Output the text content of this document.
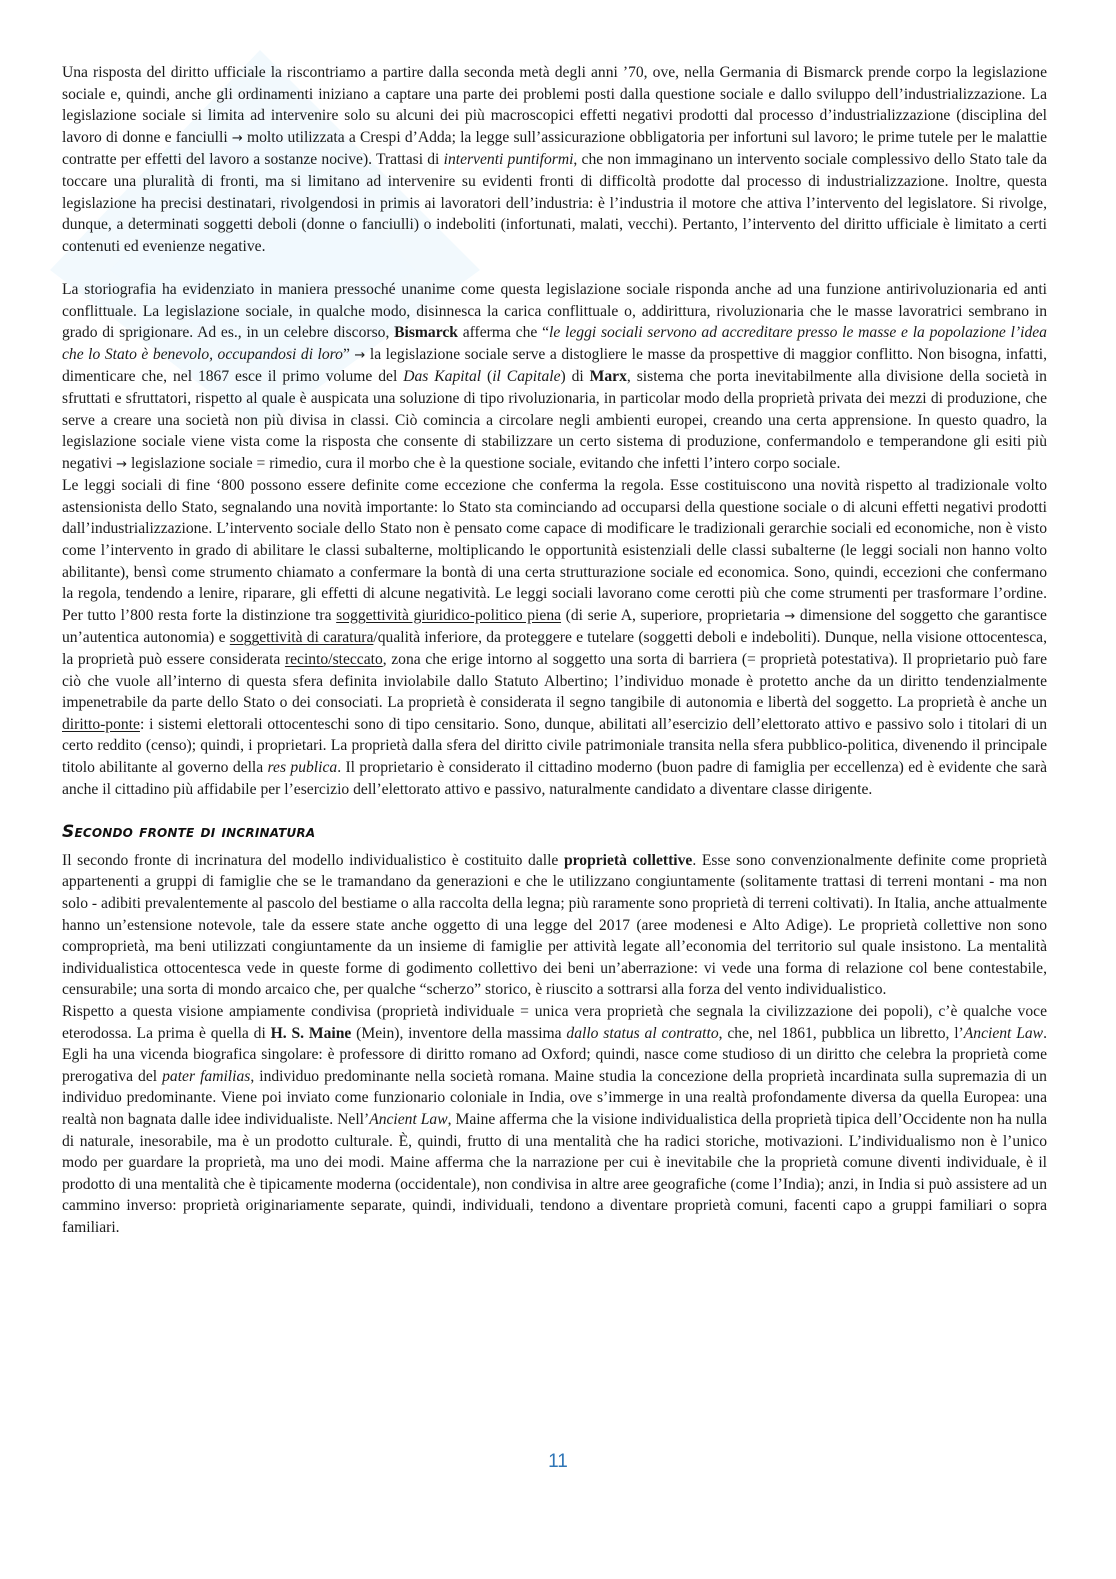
Una risposta del diritto ufficiale la riscontriamo a partire dalla seconda metà degli anni ’70, ove, nella Germania di Bismarck prende corpo la legislazione sociale e, quindi, anche gli ordinamenti iniziano a captare una parte dei problemi posti dalla questione sociale e dallo sviluppo dell’industrializzazione. La legislazione sociale si limita ad intervenire solo su alcuni dei più macroscopici effetti negativi prodotti dal processo d’industrializzazione (disciplina del lavoro di donne e fanciulli → molto utilizzata a Crespi d’Adda; la legge sull’assicurazione obbligatoria per infortuni sul lavoro; le prime tutele per le malattie contratte per effetti del lavoro a sostanze nocive). Trattasi di interventi puntiformi, che non immaginano un intervento sociale complessivo dello Stato tale da toccare una pluralità di fronti, ma si limitano ad intervenire su evidenti fronti di difficoltà prodotte dal processo di industrializzazione. Inoltre, questa legislazione ha precisi destinatari, rivolgendosi in primis ai lavoratori dell’industria: è l’industria il motore che attiva l’intervento del legislatore. Si rivolge, dunque, a determinati soggetti deboli (donne o fanciulli) o indeboliti (infortunati, malati, vecchi). Pertanto, l’intervento del diritto ufficiale è limitato a certi contenuti ed evenienze negative.

La storiografia ha evidenziato in maniera pressoché unanime come questa legislazione sociale risponda anche ad una funzione antirivoluzionaria ed anti conflittuale. La legislazione sociale, in qualche modo, disinnesca la carica conflittuale o, addirittura, rivoluzionaria che le masse lavoratrici sembrano in grado di sprigionare. Ad es., in un celebre discorso, Bismarck afferma che “le leggi sociali servono ad accreditare presso le masse e la popolazione l’idea che lo Stato è benevolo, occupandosi di loro” → la legislazione sociale serve a distogliere le masse da prospettive di maggior conflitto. Non bisogna, infatti, dimenticare che, nel 1867 esce il primo volume del Das Kapital (il Capitale) di Marx, sistema che porta inevitabilmente alla divisione della società in sfruttati e sfruttatori, rispetto al quale è auspicata una soluzione di tipo rivoluzionaria, in particolar modo della proprietà privata dei mezzi di produzione, che serve a creare una società non più divisa in classi. Ciò comincia a circolare negli ambienti europei, creando una certa apprensione. In questo quadro, la legislazione sociale viene vista come la risposta che consente di stabilizzare un certo sistema di produzione, confermandolo e temperandone gli esiti più negativi → legislazione sociale = rimedio, cura il morbo che è la questione sociale, evitando che infetti l’intero corpo sociale.

Le leggi sociali di fine ‘800 possono essere definite come eccezione che conferma la regola. Esse costituiscono una novità rispetto al tradizionale volto astensionista dello Stato, segnalando una novità importante: lo Stato sta cominciando ad occuparsi della questione sociale o di alcuni effetti negativi prodotti dall’industrializzazione. L’intervento sociale dello Stato non è pensato come capace di modificare le tradizionali gerarchie sociali ed economiche, non è visto come l’intervento in grado di abilitare le classi subalterne, moltiplicando le opportunità esistenziali delle classi subalterne (le leggi sociali non hanno volto abilitante), bensì come strumento chiamato a confermare la bontà di una certa strutturazione sociale ed economica. Sono, quindi, eccezioni che confermano la regola, tendendo a lenire, riparare, gli effetti di alcune negatività. Le leggi sociali lavorano come cerotti più che come strumenti per trasformare l’ordine. Per tutto l’800 resta forte la distinzione tra soggettività giuridico-politico piena (di serie A, superiore, proprietaria → dimensione del soggetto che garantisce un’autentica autonomia) e soggettività di caratura/qualità inferiore, da proteggere e tutelare (soggetti deboli e indeboliti). Dunque, nella visione ottocentesca, la proprietà può essere considerata recinto/steccato, zona che erige intorno al soggetto una sorta di barriera (= proprietà potestativa). Il proprietario può fare ciò che vuole all’interno di questa sfera definita inviolabile dallo Statuto Albertino; l’individuo monade è protetto anche da un diritto tendenzialmente impenetrabile da parte dello Stato o dei consociati. La proprietà è considerata il segno tangibile di autonomia e libertà del soggetto. La proprietà è anche un diritto-ponte: i sistemi elettorali ottocenteschi sono di tipo censitario. Sono, dunque, abilitati all’esercizio dell’elettorato attivo e passivo solo i titolari di un certo reddito (censo); quindi, i proprietari. La proprietà dalla sfera del diritto civile patrimoniale transita nella sfera pubblico-politica, divenendo il principale titolo abilitante al governo della res publica. Il proprietario è considerato il cittadino moderno (buon padre di famiglia per eccellenza) ed è evidente che sarà anche il cittadino più affidabile per l’esercizio dell’elettorato attivo e passivo, naturalmente candidato a diventare classe dirigente.

Secondo fronte di incrinatura

Il secondo fronte di incrinatura del modello individualistico è costituito dalle proprietà collettive. Esse sono convenzionalmente definite come proprietà appartenenti a gruppi di famiglie che se le tramandano da generazioni e che le utilizzano congiuntamente (solitamente trattasi di terreni montani - ma non solo - adibiti prevalentemente al pascolo del bestiame o alla raccolta della legna; più raramente sono proprietà di terreni coltivati). In Italia, anche attualmente hanno un’estensione notevole, tale da essere state anche oggetto di una legge del 2017 (aree modenesi e Alto Adige). Le proprietà collettive non sono comproprietà, ma beni utilizzati congiuntamente da un insieme di famiglie per attività legate all’economia del territorio sul quale insistono. La mentalità individualistica ottocentesca vede in queste forme di godimento collettivo dei beni un’aberrazione: vi vede una forma di relazione col bene contestabile, censurabile; una sorta di mondo arcaico che, per qualche “scherzo” storico, è riuscito a sottrarsi alla forza del vento individualistico.

Rispetto a questa visione ampiamente condivisa (proprietà individuale = unica vera proprietà che segnala la civilizzazione dei popoli), c’è qualche voce eterodossa. La prima è quella di H. S. Maine (Mein), inventore della massima dallo status al contratto, che, nel 1861, pubblica un libretto, l’Ancient Law. Egli ha una vicenda biografica singolare: è professore di diritto romano ad Oxford; quindi, nasce come studioso di un diritto che celebra la proprietà come prerogativa del pater familias, individuo predominante nella società romana. Maine studia la concezione della proprietà incardinata sulla supremazia di un individuo predominante. Viene poi inviato come funzionario coloniale in India, ove s’immerge in una realtà profondamente diversa da quella Europea: una realtà non bagnata dalle idee individualiste. Nell’Ancient Law, Maine afferma che la visione individualistica della proprietà tipica dell’Occidente non ha nulla di naturale, inesorabile, ma è un prodotto culturale. È, quindi, frutto di una mentalità che ha radici storiche, motivazioni. L’individualismo non è l’unico modo per guardare la proprietà, ma uno dei modi. Maine afferma che la narrazione per cui è inevitabile che la proprietà comune diventi individuale, è il prodotto di una mentalità che è tipicamente moderna (occidentale), non condivisa in altre aree geografiche (come l’India); anzi, in India si può assistere ad un cammino inverso: proprietà originariamente separate, quindi, individuali, tendono a diventare proprietà comuni, facenti capo a gruppi familiari o sopra familiari.

11
